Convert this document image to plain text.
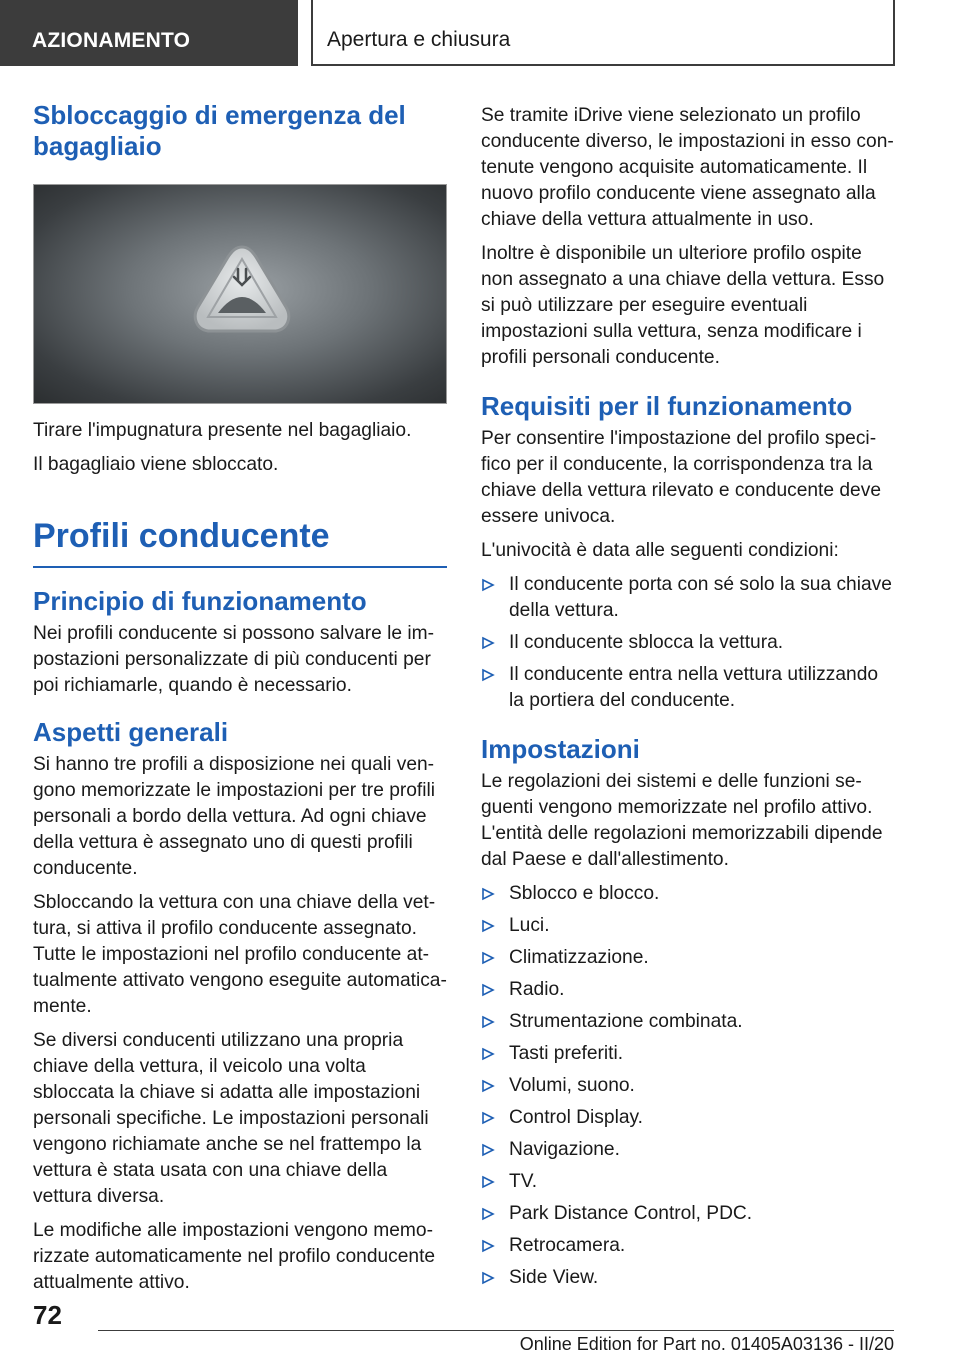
AZIONAMENTO	Apertura e chiusura
Sbloccaggio di emergenza del bagagliaio

Tirare l'impugnatura presente nel bagagliaio.

Il bagagliaio viene sbloccato.

Profili conducente
Principio di funzionamento

Nei profili conducente si possono salvare le impostazioni personalizzate di più conducenti per poi richiamarle, quando è necessario.

Aspetti generali

Si hanno tre profili a disposizione nei quali vengono memorizzate le impostazioni per tre profili personali a bordo della vettura. Ad ogni chiave della vettura è assegnato uno di questi profili conducente.

Sbloccando la vettura con una chiave della vettura, si attiva il profilo conducente assegnato. Tutte le impostazioni nel profilo conducente attualmente attivato vengono eseguite automaticamente.

Se diversi conducenti utilizzano una propria chiave della vettura, il veicolo una volta sbloccata la chiave si adatta alle impostazioni personali specifiche. Le impostazioni personali vengono richiamate anche se nel frattempo la vettura è stata usata con una chiave della vettura diversa.

Le modifiche alle impostazioni vengono memorizzate automaticamente nel profilo conducente attualmente attivo.

Se tramite iDrive viene selezionato un profilo conducente diverso, le impostazioni in esso contenute vengono acquisite automaticamente. Il nuovo profilo conducente viene assegnato alla chiave della vettura attualmente in uso.

Inoltre è disponibile un ulteriore profilo ospite non assegnato a una chiave della vettura. Esso si può utilizzare per eseguire eventuali impostazioni sulla vettura, senza modificare i profili personali conducente.

Requisiti per il funzionamento

Per consentire l'impostazione del profilo specifico per il conducente, la corrispondenza tra la chiave della vettura rilevato e conducente deve essere univoca.

L'univocità è data alle seguenti condizioni:

Il conducente porta con sé solo la sua chiave della vettura.
Il conducente sblocca la vettura.
Il conducente entra nella vettura utilizzando la portiera del conducente.
Impostazioni

Le regolazioni dei sistemi e delle funzioni seguenti vengono memorizzate nel profilo attivo. L'entità delle regolazioni memorizzabili dipende dal Paese e dall'allestimento.

Sblocco e blocco.
Luci.
Climatizzazione.
Radio.
Strumentazione combinata.
Tasti preferiti.
Volumi, suono.
Control Display.
Navigazione.
TV.
Park Distance Control, PDC.
Retrocamera.
Side View.
72
Online Edition for Part no. 01405A03136 - II/20
